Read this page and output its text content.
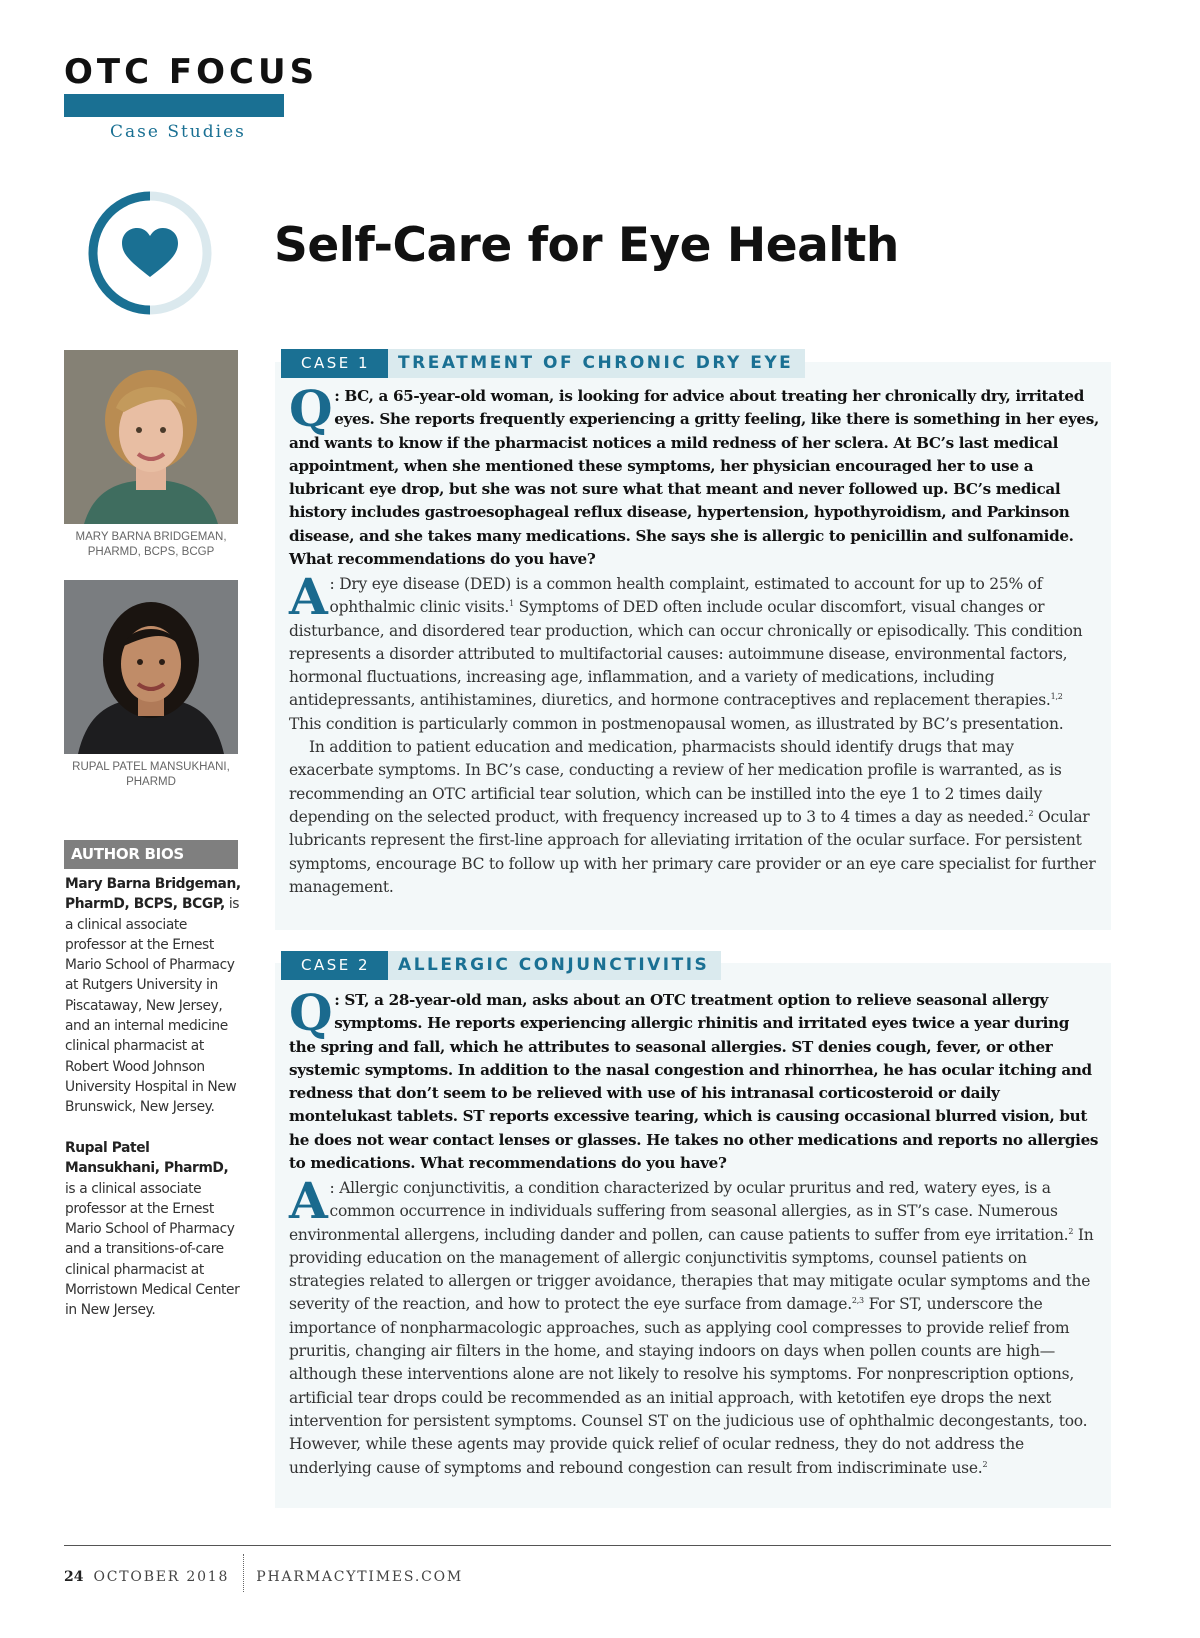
OTC FOCUS
Case Studies
Self-Care for Eye Health
MARY BARNA BRIDGEMAN, PHARMD, BCPS, BCGP
RUPAL PATEL MANSUKHANI, PHARMD
AUTHOR BIOS
Mary Barna Bridgeman, PharmD, BCPS, BCGP, is a clinical associate professor at the Ernest Mario School of Pharmacy at Rutgers University in Piscataway, New Jersey, and an internal medicine clinical pharmacist at Robert Wood Johnson University Hospital in New Brunswick, New Jersey.
Rupal Patel Mansukhani, PharmD, is a clinical associate professor at the Ernest Mario School of Pharmacy and a transitions-of-care clinical pharmacist at Morristown Medical Center in New Jersey.
CASE 1	TREATMENT OF CHRONIC DRY EYE

Q : BC, a 65-year-old woman, is looking for advice about treating her chronically dry, irritated eyes. She reports frequently experiencing a gritty feeling, like there is something in her eyes, and wants to know if the pharmacist notices a mild redness of her sclera. At BC’s last medical appointment, when she mentioned these symptoms, her physician encouraged her to use a lubricant eye drop, but she was not sure what that meant and never followed up. BC’s medical history includes gastroesophageal reflux disease, hypertension, hypothyroidism, and Parkinson disease, and she takes many medications. She says she is allergic to penicillin and sulfonamide. What recommendations do you have?

A : Dry eye disease (DED) is a common health complaint, estimated to account for up to 25% of ophthalmic clinic visits.$^1$ Symptoms of DED often include ocular discomfort, visual changes or disturbance, and disordered tear production, which can occur chronically or episodically. This condition represents a disorder attributed to multifactorial causes: autoimmune disease, environmental factors, hormonal fluctuations, increasing age, inflammation, and a variety of medications, including antidepressants, antihistamines, diuretics, and hormone contraceptives and replacement therapies.$^{1,2}$ This condition is particularly common in postmenopausal women, as illustrated by BC’s presentation.
In addition to patient education and medication, pharmacists should identify drugs that may exacerbate symptoms. In BC’s case, conducting a review of her medication profile is warranted, as is recommending an OTC artificial tear solution, which can be instilled into the eye 1 to 2 times daily depending on the selected product, with frequency increased up to 3 to 4 times a day as needed.$^2$ Ocular lubricants represent the first-line approach for alleviating irritation of the ocular surface. For persistent symptoms, encourage BC to follow up with her primary care provider or an eye care specialist for further management.
CASE 2	ALLERGIC CONJUNCTIVITIS

Q : ST, a 28-year-old man, asks about an OTC treatment option to relieve seasonal allergy symptoms. He reports experiencing allergic rhinitis and irritated eyes twice a year during the spring and fall, which he attributes to seasonal allergies. ST denies cough, fever, or other systemic symptoms. In addition to the nasal congestion and rhinorrhea, he has ocular itching and redness that don’t seem to be relieved with use of his intranasal corticosteroid or daily montelukast tablets. ST reports excessive tearing, which is causing occasional blurred vision, but he does not wear contact lenses or glasses. He takes no other medications and reports no allergies to medications. What recommendations do you have?

A : Allergic conjunctivitis, a condition characterized by ocular pruritus and red, watery eyes, is a common occurrence in individuals suffering from seasonal allergies, as in ST’s case. Numerous environmental allergens, including dander and pollen, can cause patients to suffer from eye irritation.$^2$ In providing education on the management of allergic conjunctivitis symptoms, counsel patients on strategies related to allergen or trigger avoidance, therapies that may mitigate ocular symptoms and the severity of the reaction, and how to protect the eye surface from damage.$^{2,3}$ For ST, underscore the importance of nonpharmacologic approaches, such as applying cool compresses to provide relief from pruritis, changing air filters in the home, and staying indoors on days when pollen counts are high—although these interventions alone are not likely to resolve his symptoms. For nonprescription options, artificial tear drops could be recommended as an initial approach, with ketotifen eye drops the next intervention for persistent symptoms. Counsel ST on the judicious use of ophthalmic decongestants, too. However, while these agents may provide quick relief of ocular redness, they do not address the underlying cause of symptoms and rebound congestion can result from indiscriminate use.$^2$
24 OCTOBER 2018 PHARMACYTIMES.COM
